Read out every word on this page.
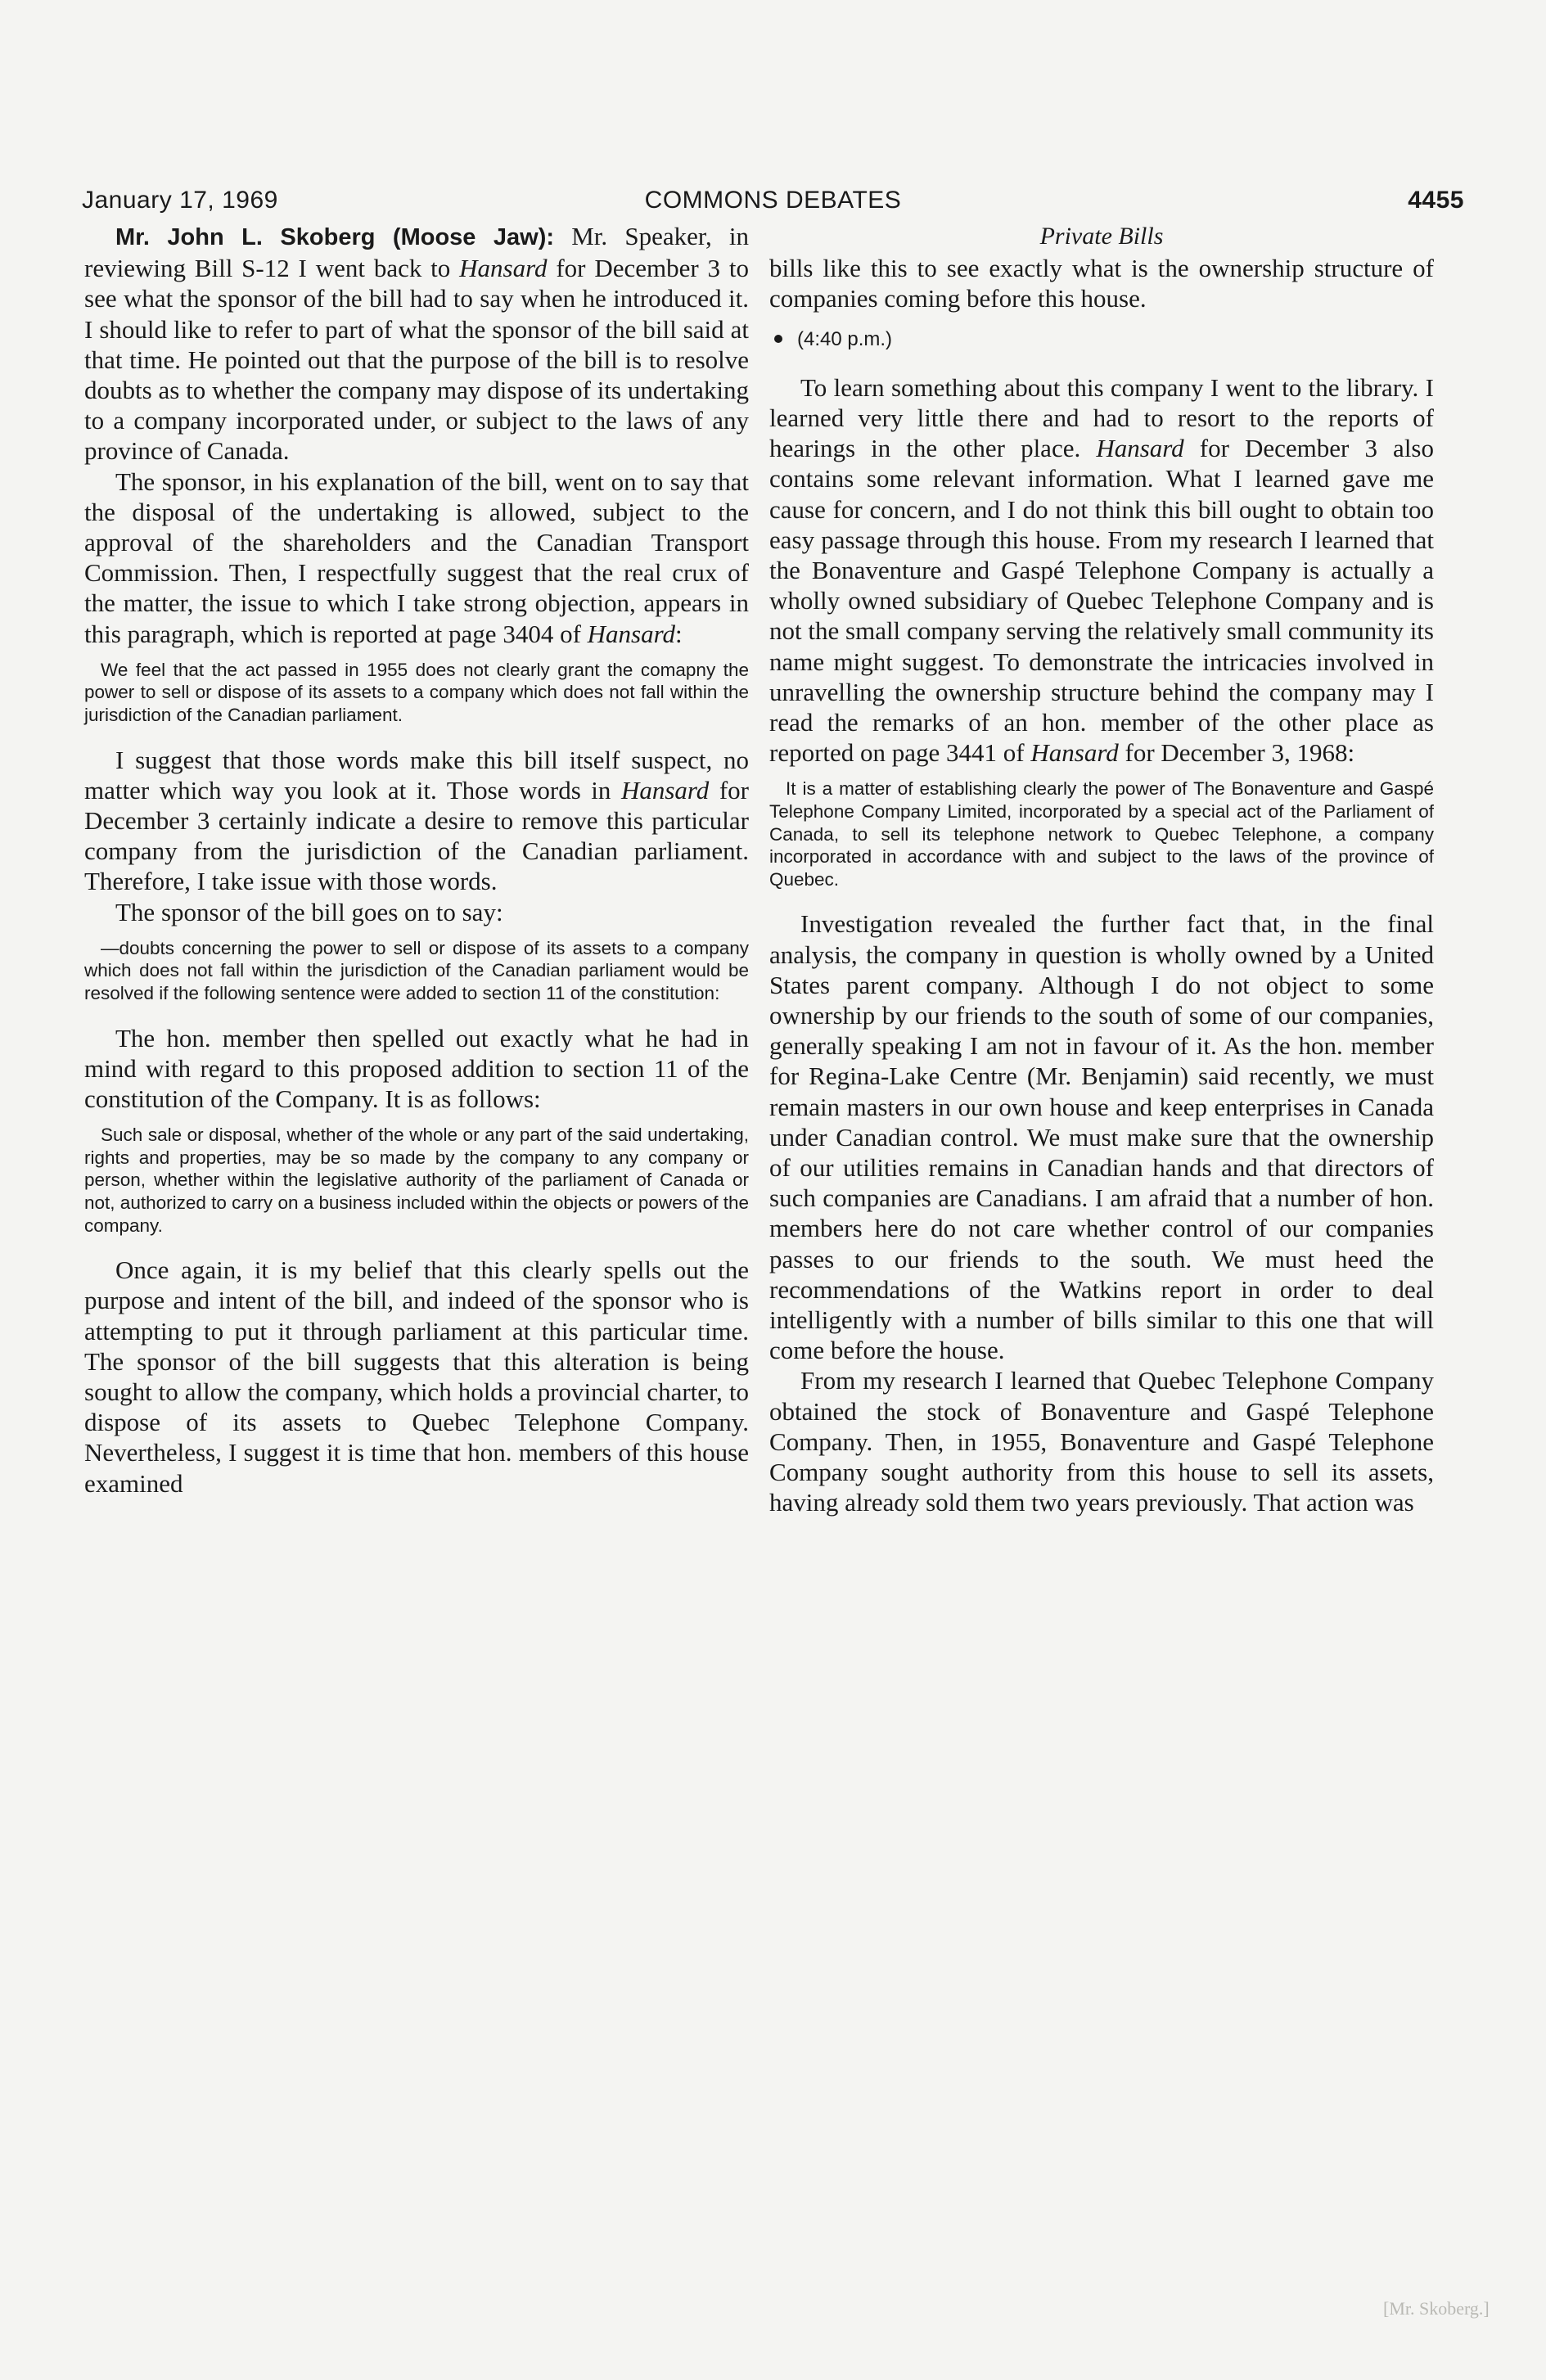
January 17, 1969	COMMONS DEBATES	4455

Mr. John L. Skoberg (Moose Jaw): Mr. Speaker, in reviewing Bill S-12 I went back to Hansard for December 3 to see what the sponsor of the bill had to say when he introduced it. I should like to refer to part of what the sponsor of the bill said at that time. He pointed out that the purpose of the bill is to resolve doubts as to whether the company may dispose of its undertaking to a company incorporated under, or subject to the laws of any province of Canada.

The sponsor, in his explanation of the bill, went on to say that the disposal of the undertaking is allowed, subject to the approval of the shareholders and the Canadian Transport Commission. Then, I respectfully suggest that the real crux of the matter, the issue to which I take strong objection, appears in this paragraph, which is reported at page 3404 of Hansard:

We feel that the act passed in 1955 does not clearly grant the comapny the power to sell or dispose of its assets to a company which does not fall within the jurisdiction of the Canadian parliament.

I suggest that those words make this bill itself suspect, no matter which way you look at it. Those words in Hansard for December 3 certainly indicate a desire to remove this particular company from the jurisdiction of the Canadian parliament. Therefore, I take issue with those words.

The sponsor of the bill goes on to say:

—doubts concerning the power to sell or dispose of its assets to a company which does not fall within the jurisdiction of the Canadian parliament would be resolved if the following sentence were added to section 11 of the constitution:

The hon. member then spelled out exactly what he had in mind with regard to this proposed addition to section 11 of the constitution of the Company. It is as follows:

Such sale or disposal, whether of the whole or any part of the said undertaking, rights and properties, may be so made by the company to any company or person, whether within the legislative authority of the parliament of Canada or not, authorized to carry on a business included within the objects or powers of the company.

Once again, it is my belief that this clearly spells out the purpose and intent of the bill, and indeed of the sponsor who is attempting to put it through parliament at this particular time. The sponsor of the bill suggests that this alteration is being sought to allow the company, which holds a provincial charter, to dispose of its assets to Quebec Telephone Company. Nevertheless, I suggest it is time that hon. members of this house examined

Private Bills

bills like this to see exactly what is the ownership structure of companies coming before this house.

(4:40 p.m.)

To learn something about this company I went to the library. I learned very little there and had to resort to the reports of hearings in the other place. Hansard for December 3 also contains some relevant information. What I learned gave me cause for concern, and I do not think this bill ought to obtain too easy passage through this house. From my research I learned that the Bonaventure and Gaspé Telephone Company is actually a wholly owned subsidiary of Quebec Telephone Company and is not the small company serving the relatively small community its name might suggest. To demonstrate the intricacies involved in unravelling the ownership structure behind the company may I read the remarks of an hon. member of the other place as reported on page 3441 of Hansard for December 3, 1968:

It is a matter of establishing clearly the power of The Bonaventure and Gaspé Telephone Company Limited, incorporated by a special act of the Parliament of Canada, to sell its telephone network to Quebec Telephone, a company incorporated in accordance with and subject to the laws of the province of Quebec.

Investigation revealed the further fact that, in the final analysis, the company in question is wholly owned by a United States parent company. Although I do not object to some ownership by our friends to the south of some of our companies, generally speaking I am not in favour of it. As the hon. member for Regina-Lake Centre (Mr. Benjamin) said recently, we must remain masters in our own house and keep enterprises in Canada under Canadian control. We must make sure that the ownership of our utilities remains in Canadian hands and that directors of such companies are Canadians. I am afraid that a number of hon. members here do not care whether control of our companies passes to our friends to the south. We must heed the recommendations of the Watkins report in order to deal intelligently with a number of bills similar to this one that will come before the house.

From my research I learned that Quebec Telephone Company obtained the stock of Bonaventure and Gaspé Telephone Company. Then, in 1955, Bonaventure and Gaspé Telephone Company sought authority from this house to sell its assets, having already sold them two years previously. That action was

[Mr. Skoberg.]
